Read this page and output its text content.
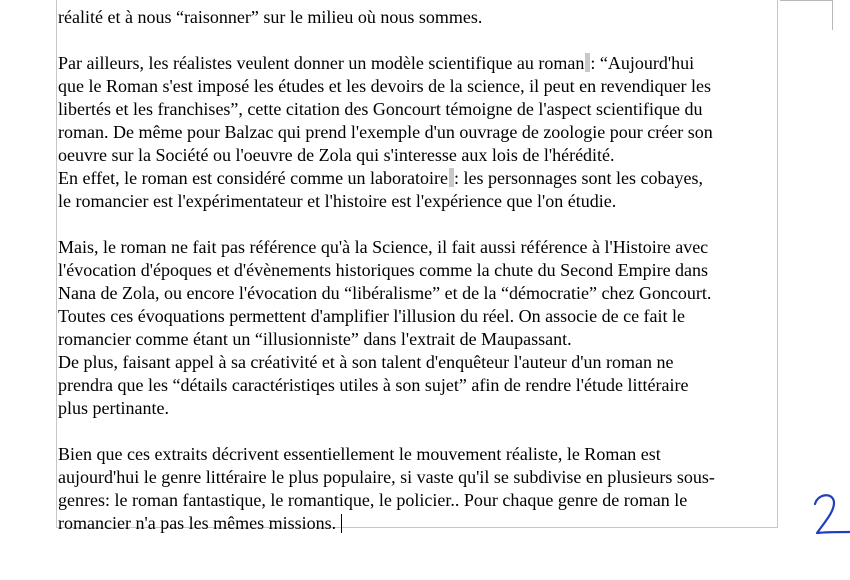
réalité et à nous “raisonner” sur le milieu où nous sommes.
Par ailleurs, les réalistes veulent donner un modèle scientifique au roman : “Aujourd'hui
que le Roman s'est imposé les études et les devoirs de la science, il peut en revendiquer les
libertés et les franchises”, cette citation des Goncourt témoigne de l'aspect scientifique du
roman. De même pour Balzac qui prend l'exemple d'un ouvrage de zoologie pour créer son
oeuvre sur la Société ou l'oeuvre de Zola qui s'interesse aux lois de l'hérédité.
En effet, le roman est considéré comme un laboratoire : les personnages sont les cobayes,
le romancier est l'expérimentateur et l'histoire est l'expérience que l'on étudie.
Mais, le roman ne fait pas référence qu'à la Science, il fait aussi référence à l'Histoire avec
l'évocation d'époques et d'évènements historiques comme la chute du Second Empire dans
Nana de Zola, ou encore l'évocation du “libéralisme” et de la “démocratie” chez Goncourt.
Toutes ces évoquations permettent d'amplifier l'illusion du réel. On associe de ce fait le
romancier comme étant un “illusionniste” dans l'extrait de Maupassant.
De plus, faisant appel à sa créativité et à son talent d'enquêteur l'auteur d'un roman ne
prendra que les “détails caractéristiqes utiles à son sujet” afin de rendre l'étude littéraire
plus pertinante.
Bien que ces extraits décrivent essentiellement le mouvement réaliste, le Roman est
aujourd'hui le genre littéraire le plus populaire, si vaste qu'il se subdivise en plusieurs sous-
genres: le roman fantastique, le romantique, le policier.. Pour chaque genre de roman le
romancier n'a pas les mêmes missions.
